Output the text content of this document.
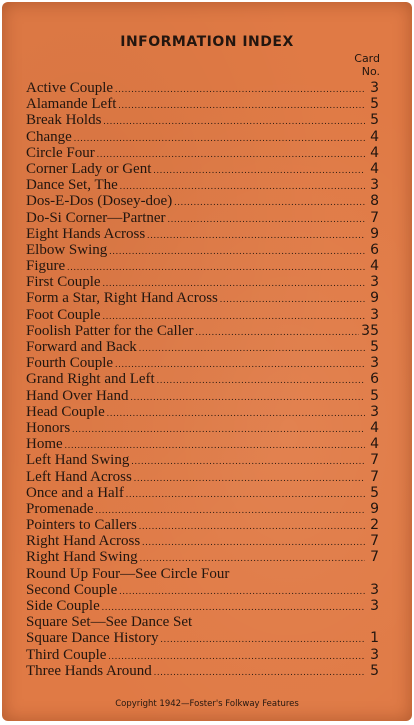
INFORMATION INDEX
Card
No.
Active Couple .....	3
Alamande Left .....	5
Break Holds .....	5
Change .....	4
Circle Four .....	4
Corner Lady or Gent .....	4
Dance Set, The .....	3
Dos-E-Dos (Dosey-doe) .....	8
Do-Si Corner—Partner .....	7
Eight Hands Across .....	9
Elbow Swing .....	6
Figure .....	4
First Couple .....	3
Form a Star, Right Hand Across .....	9
Foot Couple .....	3
Foolish Patter for the Caller .....	35
Forward and Back .....	5
Fourth Couple .....	3
Grand Right and Left .....	6
Hand Over Hand .....	5
Head Couple .....	3
Honors .....	4
Home .....	4
Left Hand Swing .....	7
Left Hand Across .....	7
Once and a Half .....	5
Promenade .....	9
Pointers to Callers .....	2
Right Hand Across .....	7
Right Hand Swing .....	7
Round Up Four—See Circle Four
Second Couple .....	3
Side Couple .....	3
Square Set—See Dance Set
Square Dance History .....	1
Third Couple .....	3
Three Hands Around .....	5
Copyright 1942—Foster's Folkway Features
